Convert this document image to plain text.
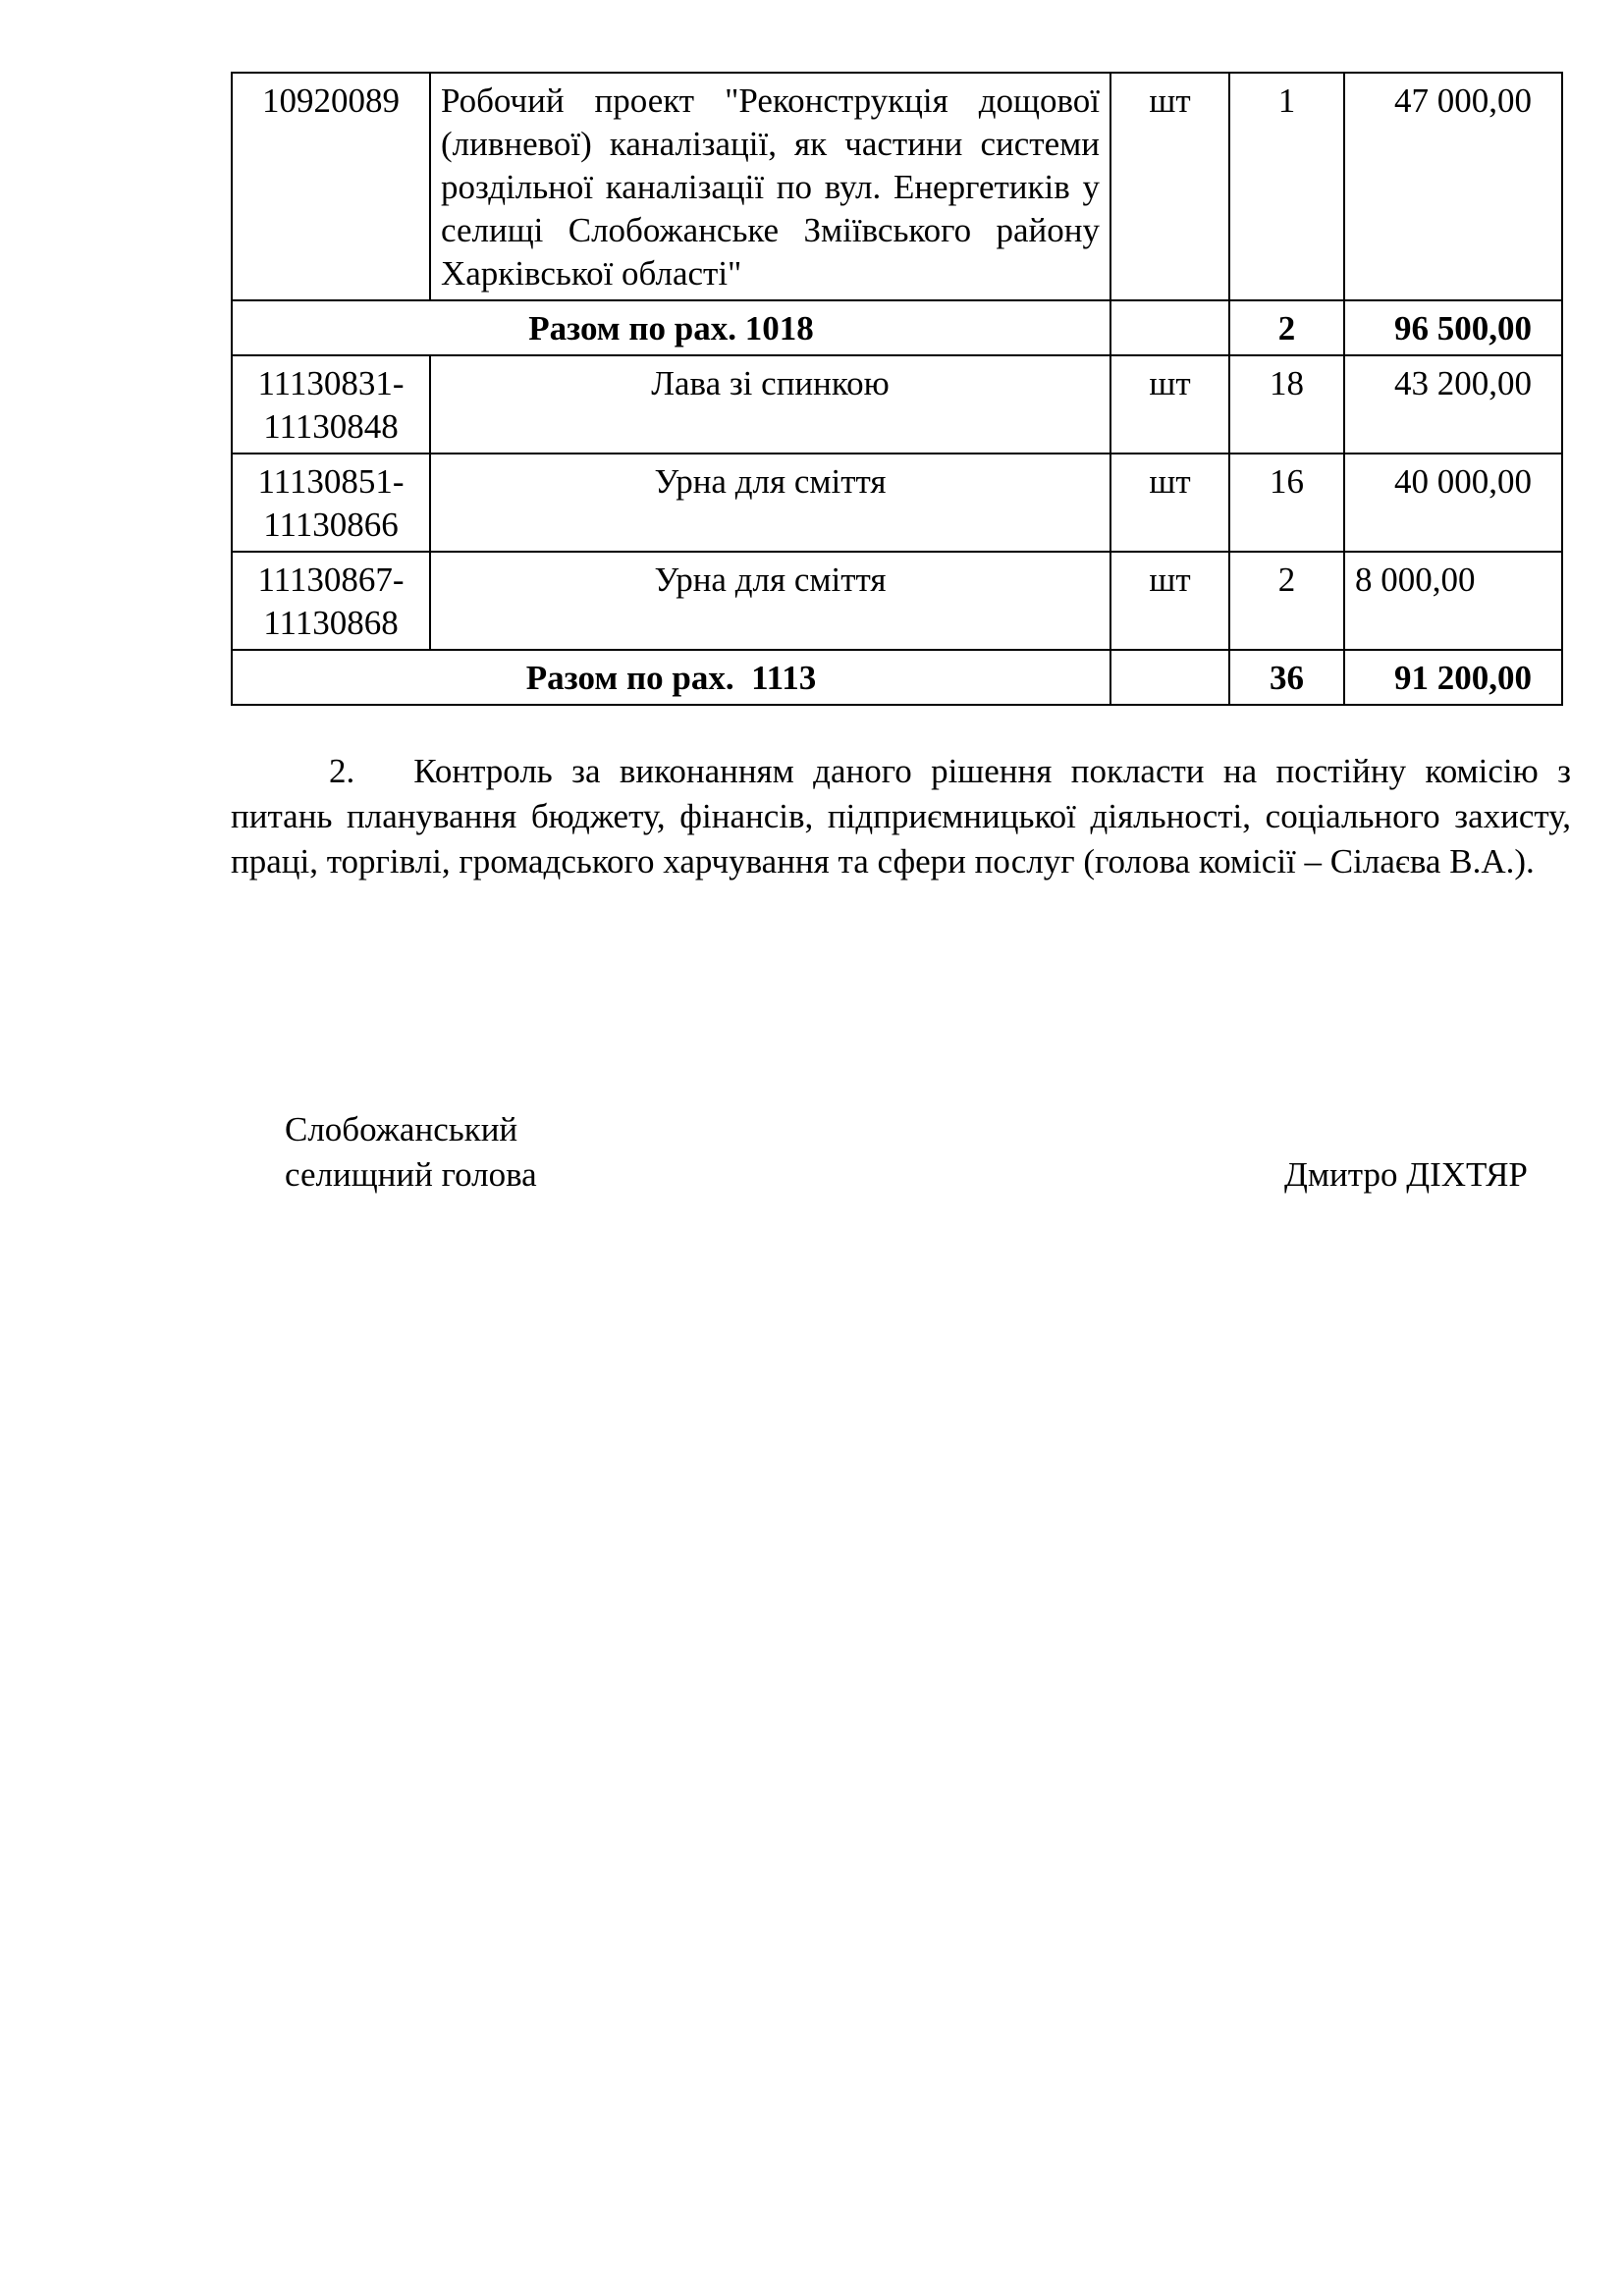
10920089	Робочий проект "Реконструкція дощової (ливневої) каналізації, як частини системи роздільної каналізації по вул. Енергетиків у селищі Слобожанське Зміївського району Харківської області"	шт	1	47 000,00
Разом по рах. 1018			2	96 500,00
11130831-11130848	Лава зі спинкою	шт	18	43 200,00
11130851-11130866	Урна для сміття	шт	16	40 000,00
11130867-11130868	Урна для сміття	шт	2	8 000,00
Разом по рах.  1113			36	91 200,00

2. Контроль за виконанням даного рішення покласти на постійну комісію з питань планування бюджету, фінансів, підприємницької діяльності, соціального захисту, праці, торгівлі, громадського харчування та сфери послуг (голова комісії – Сілаєва В.А.).

Слобожанський
селищний голова	Дмитро ДІХТЯР
